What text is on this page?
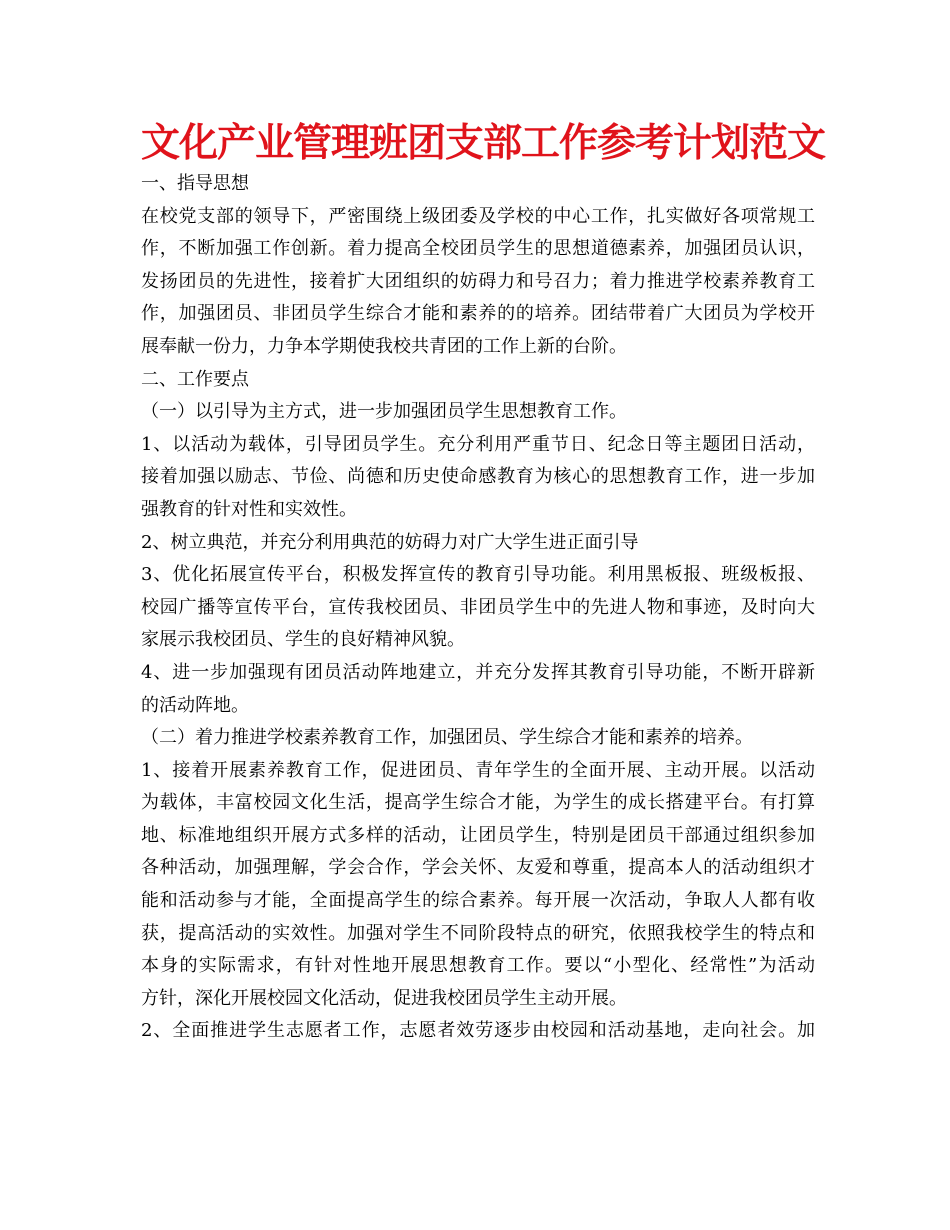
文化产业管理班团支部工作参考计划范文
一、指导思想
在校党支部的领导下，严密围绕上级团委及学校的中心工作，扎实做好各项常规工
作，不断加强工作创新。着力提高全校团员学生的思想道德素养，加强团员认识，
发扬团员的先进性，接着扩大团组织的妨碍力和号召力；着力推进学校素养教育工
作，加强团员、非团员学生综合才能和素养的的培养。团结带着广大团员为学校开
展奉献一份力，力争本学期使我校共青团的工作上新的台阶。
二、工作要点
（一）以引导为主方式，进一步加强团员学生思想教育工作。
1、以活动为载体，引导团员学生。充分利用严重节日、纪念日等主题团日活动，
接着加强以励志、节俭、尚德和历史使命感教育为核心的思想教育工作，进一步加
强教育的针对性和实效性。
2、树立典范，并充分利用典范的妨碍力对广大学生进正面引导
3、优化拓展宣传平台，积极发挥宣传的教育引导功能。利用黑板报、班级板报、
校园广播等宣传平台，宣传我校团员、非团员学生中的先进人物和事迹，及时向大
家展示我校团员、学生的良好精神风貌。
4、进一步加强现有团员活动阵地建立，并充分发挥其教育引导功能，不断开辟新
的活动阵地。
（二）着力推进学校素养教育工作，加强团员、学生综合才能和素养的培养。
1、接着开展素养教育工作，促进团员、青年学生的全面开展、主动开展。以活动
为载体，丰富校园文化生活，提高学生综合才能，为学生的成长搭建平台。有打算
地、标准地组织开展方式多样的活动，让团员学生，特别是团员干部通过组织参加
各种活动，加强理解，学会合作，学会关怀、友爱和尊重，提高本人的活动组织才
能和活动参与才能，全面提高学生的综合素养。每开展一次活动，争取人人都有收
获，提高活动的实效性。加强对学生不同阶段特点的研究，依照我校学生的特点和
本身的实际需求，有针对性地开展思想教育工作。要以“小型化、经常性”为活动
方针，深化开展校园文化活动，促进我校团员学生主动开展。
2、全面推进学生志愿者工作，志愿者效劳逐步由校园和活动基地，走向社会。加
